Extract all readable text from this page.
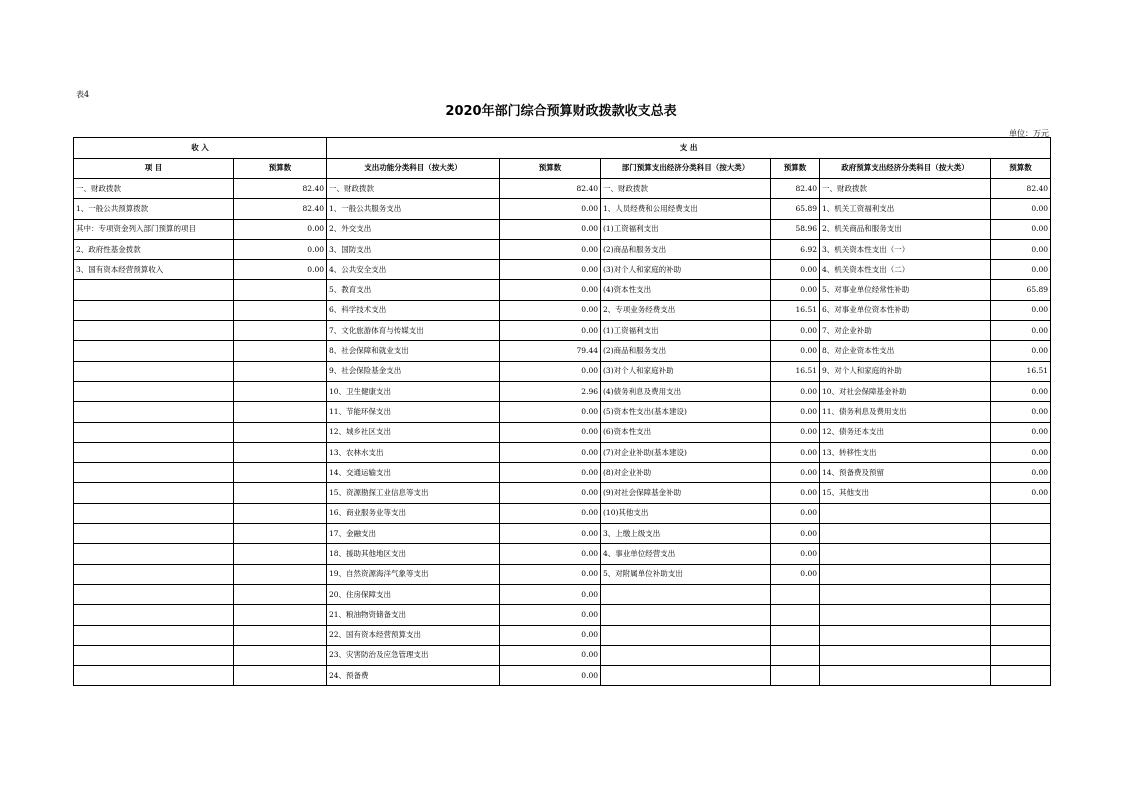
表4
2020年部门综合预算财政拨款收支总表
单位：万元
收 入		支 出					
项 目	预算数	支出功能分类科目（按大类）	预算数	部门预算支出经济分类科目（按大类）	预算数	政府预算支出经济分类科目（按大类）	预算数
一、财政拨款	82.40	一、财政拨款	82.40	一、财政拨款	82.40	一、财政拨款	82.40
1、一般公共预算拨款	82.40	1、一般公共服务支出	0.00	1、人员经费和公用经费支出	65.89	1、机关工资福利支出	0.00
其中：专项资金列入部门预算的项目	0.00	2、外交支出	0.00	(1)工资福利支出	58.96	2、机关商品和服务支出	0.00
2、政府性基金拨款	0.00	3、国防支出	0.00	(2)商品和服务支出	6.92	3、机关资本性支出（一）	0.00
3、国有资本经营预算收入	0.00	4、公共安全支出	0.00	(3)对个人和家庭的补助	0.00	4、机关资本性支出（二）	0.00
		5、教育支出	0.00	(4)资本性支出	0.00	5、对事业单位经常性补助	65.89
		6、科学技术支出	0.00	2、专项业务经费支出	16.51	6、对事业单位资本性补助	0.00
		7、文化旅游体育与传媒支出	0.00	(1)工资福利支出	0.00	7、对企业补助	0.00
		8、社会保障和就业支出	79.44	(2)商品和服务支出	0.00	8、对企业资本性支出	0.00
		9、社会保险基金支出	0.00	(3)对个人和家庭补助	16.51	9、对个人和家庭的补助	16.51
		10、卫生健康支出	2.96	(4)债务利息及费用支出	0.00	10、对社会保障基金补助	0.00
		11、节能环保支出	0.00	(5)资本性支出(基本建设)	0.00	11、债务利息及费用支出	0.00
		12、城乡社区支出	0.00	(6)资本性支出	0.00	12、债务还本支出	0.00
		13、农林水支出	0.00	(7)对企业补助(基本建设)	0.00	13、转移性支出	0.00
		14、交通运输支出	0.00	(8)对企业补助	0.00	14、预备费及预留	0.00
		15、资源勘探工业信息等支出	0.00	(9)对社会保障基金补助	0.00	15、其他支出	0.00
		16、商业服务业等支出	0.00	(10)其他支出	0.00		
		17、金融支出	0.00	3、上缴上级支出	0.00		
		18、援助其他地区支出	0.00	4、事业单位经营支出	0.00		
		19、自然资源海洋气象等支出	0.00	5、对附属单位补助支出	0.00		
		20、住房保障支出	0.00				
		21、粮油物资储备支出	0.00				
		22、国有资本经营预算支出	0.00				
		23、灾害防治及应急管理支出	0.00				
		24、预备费	0.00				
